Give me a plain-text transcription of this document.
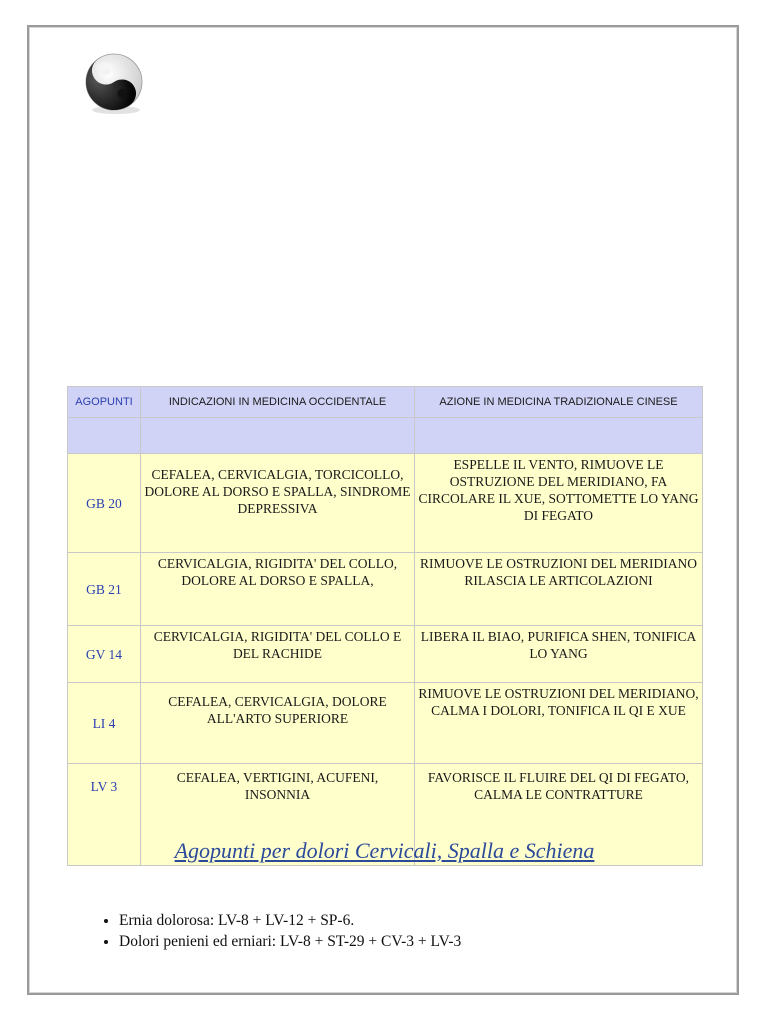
AGOPUNTI	INDICAZIONI IN MEDICINA OCCIDENTALE	AZIONE IN MEDICINA TRADIZIONALE CINESE

GB 20	CEFALEA, CERVICALGIA, TORCICOLLO, DOLORE AL DORSO E SPALLA, SINDROME DEPRESSIVA	ESPELLE IL VENTO, RIMUOVE LE OSTRUZIONE DEL MERIDIANO, FA CIRCOLARE IL XUE, SOTTOMETTE LO YANG DI FEGATO
GB 21	CERVICALGIA, RIGIDITA' DEL COLLO, DOLORE AL DORSO E SPALLA,	RIMUOVE LE OSTRUZIONI DEL MERIDIANO RILASCIA LE ARTICOLAZIONI
GV 14	CERVICALGIA, RIGIDITA' DEL COLLO E DEL RACHIDE	LIBERA IL BIAO, PURIFICA SHEN, TONIFICA LO YANG
LI 4	CEFALEA, CERVICALGIA, DOLORE ALL'ARTO SUPERIORE	RIMUOVE LE OSTRUZIONI DEL MERIDIANO, CALMA I DOLORI, TONIFICA IL QI E XUE
LV 3	CEFALEA, VERTIGINI, ACUFENI, INSONNIA	FAVORISCE IL FLUIRE DEL QI DI FEGATO, CALMA LE CONTRATTURE

Agopunti per dolori Cervicali, Spalla e Schiena

• Ernia dolorosa: LV-8 + LV-12 + SP-6.
• Dolori penieni ed erniari: LV-8 + ST-29 + CV-3 + LV-3
